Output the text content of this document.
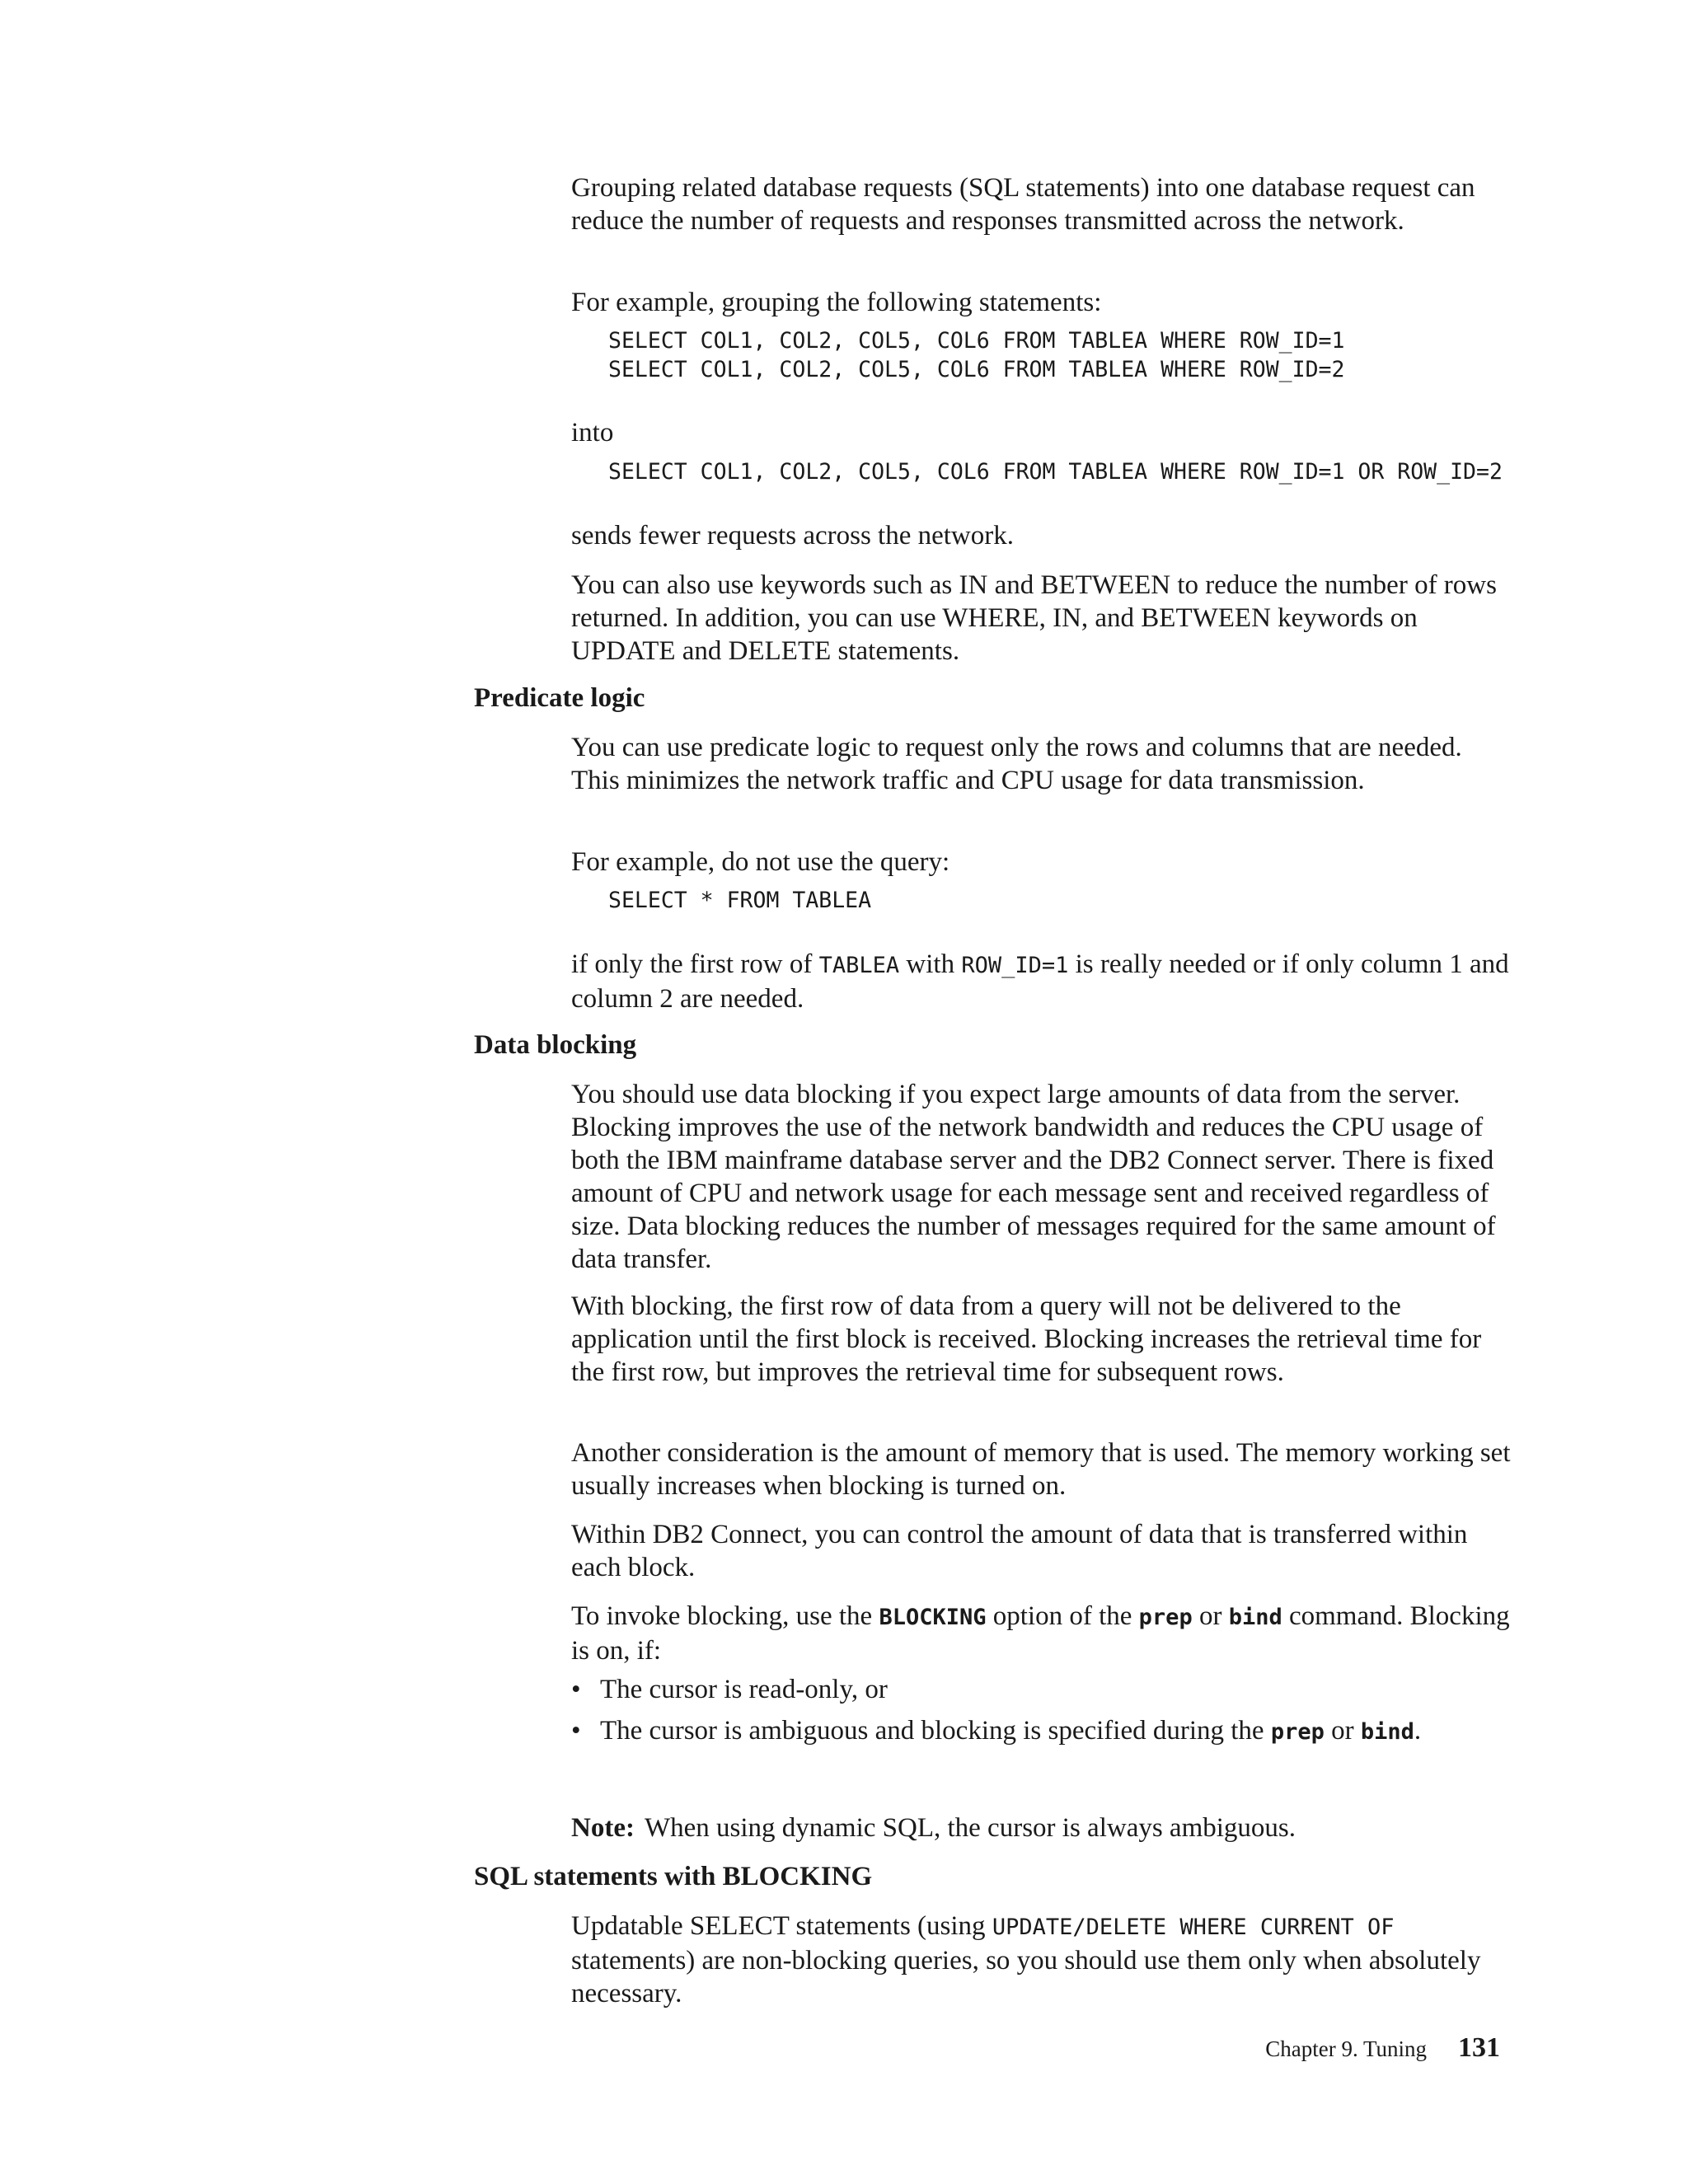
Grouping related database requests (SQL statements) into one database request can reduce the number of requests and responses transmitted across the network.

For example, grouping the following statements:

SELECT COL1, COL2, COL5, COL6 FROM TABLEA WHERE ROW_ID=1
SELECT COL1, COL2, COL5, COL6 FROM TABLEA WHERE ROW_ID=2

into

SELECT COL1, COL2, COL5, COL6 FROM TABLEA WHERE ROW_ID=1 OR ROW_ID=2

sends fewer requests across the network.

You can also use keywords such as IN and BETWEEN to reduce the number of rows returned. In addition, you can use WHERE, IN, and BETWEEN keywords on UPDATE and DELETE statements.

Predicate logic

You can use predicate logic to request only the rows and columns that are needed. This minimizes the network traffic and CPU usage for data transmission.

For example, do not use the query:

SELECT * FROM TABLEA

if only the first row of TABLEA with ROW_ID=1 is really needed or if only column 1 and column 2 are needed.

Data blocking

You should use data blocking if you expect large amounts of data from the server. Blocking improves the use of the network bandwidth and reduces the CPU usage of both the IBM mainframe database server and the DB2 Connect server. There is fixed amount of CPU and network usage for each message sent and received regardless of size. Data blocking reduces the number of messages required for the same amount of data transfer.

With blocking, the first row of data from a query will not be delivered to the application until the first block is received. Blocking increases the retrieval time for the first row, but improves the retrieval time for subsequent rows.

Another consideration is the amount of memory that is used. The memory working set usually increases when blocking is turned on.

Within DB2 Connect, you can control the amount of data that is transferred within each block.

To invoke blocking, use the BLOCKING option of the prep or bind command. Blocking is on, if:

• The cursor is read-only, or
• The cursor is ambiguous and blocking is specified during the prep or bind.

Note: When using dynamic SQL, the cursor is always ambiguous.

SQL statements with BLOCKING

Updatable SELECT statements (using UPDATE/DELETE WHERE CURRENT OF statements) are non-blocking queries, so you should use them only when absolutely necessary.

Chapter 9. Tuning 131
